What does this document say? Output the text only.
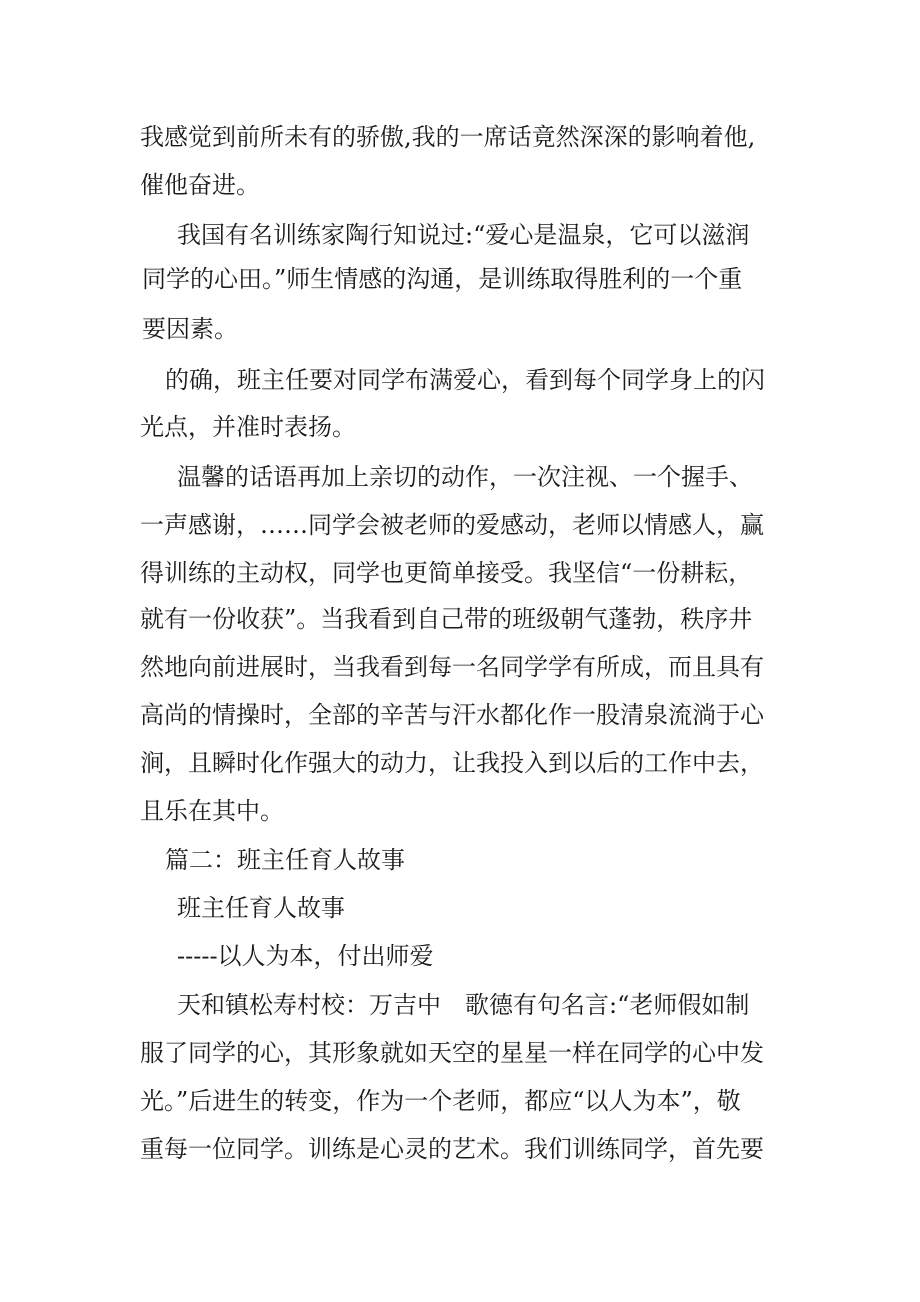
我感觉到前所未有的骄傲,我的一席话竟然深深的影响着他,

催他奋进。

我国有名训练家陶行知说过:“爱心是温泉，它可以滋润

同学的心田。”师生情感的沟通，是训练取得胜利的一个重

要因素。

的确，班主任要对同学布满爱心，看到每个同学身上的闪

光点，并准时表扬。

温馨的话语再加上亲切的动作，一次注视、一个握手、

一声感谢，……同学会被老师的爱感动，老师以情感人，赢

得训练的主动权，同学也更简单接受。我坚信“一份耕耘，

就有一份收获”。当我看到自己带的班级朝气蓬勃，秩序井

然地向前进展时，当我看到每一名同学学有所成，而且具有

高尚的情操时，全部的辛苦与汗水都化作一股清泉流淌于心

涧，且瞬时化作强大的动力，让我投入到以后的工作中去，

且乐在其中。

篇二：班主任育人故事

班主任育人故事

-----以人为本，付出师爱

天和镇松寿村校：万吉中　歌德有句名言:“老师假如制

服了同学的心，其形象就如天空的星星一样在同学的心中发

光。”后进生的转变，作为一个老师，都应“以人为本”，敬

重每一位同学。训练是心灵的艺术。我们训练同学，首先要
